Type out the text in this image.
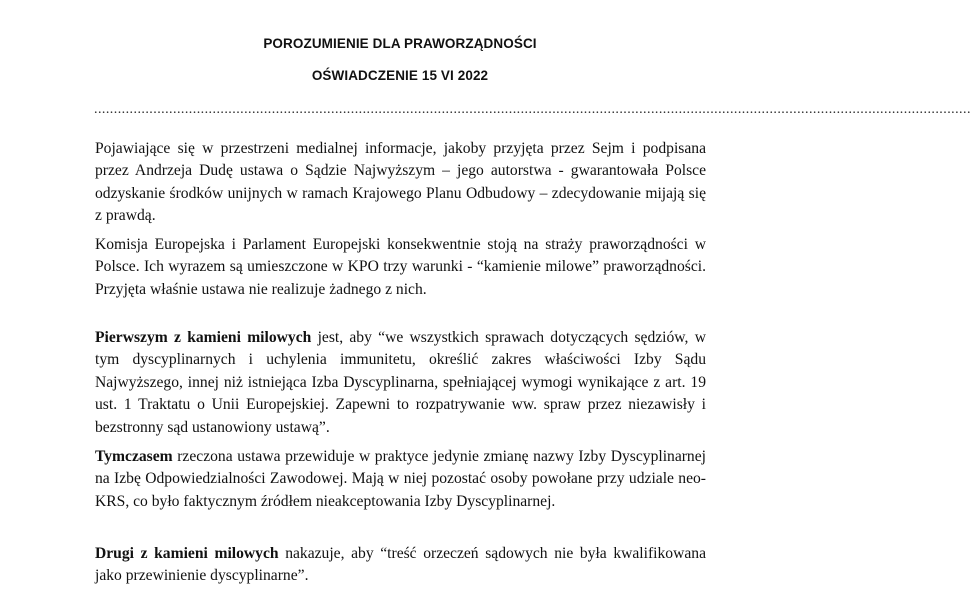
POROZUMIENIE DLA PRAWORZĄDNOŚCI
OŚWIADCZENIE 15 VI 2022
..............................................................................................................................................................................................................................

Pojawiające się w przestrzeni medialnej informacje, jakoby przyjęta przez Sejm i podpisana przez Andrzeja Dudę ustawa o Sądzie Najwyższym – jego autorstwa - gwarantowała Polsce odzyskanie środków unijnych w ramach Krajowego Planu Odbudowy – zdecydowanie mijają się z prawdą.

Komisja Europejska i Parlament Europejski konsekwentnie stoją na straży praworządności w Polsce. Ich wyrazem są umieszczone w KPO trzy warunki - “kamienie milowe” praworządności. Przyjęta właśnie ustawa nie realizuje żadnego z nich.

Pierwszym z kamieni milowych jest, aby “we wszystkich sprawach dotyczących sędziów, w tym dyscyplinarnych i uchylenia immunitetu, określić zakres właściwości Izby Sądu Najwyższego, innej niż istniejąca Izba Dyscyplinarna, spełniającej wymogi wynikające z art. 19 ust. 1 Traktatu o Unii Europejskiej. Zapewni to rozpatrywanie ww. spraw przez niezawisły i bezstronny sąd ustanowiony ustawą”.

Tymczasem rzeczona ustawa przewiduje w praktyce jedynie zmianę nazwy Izby Dyscyplinarnej na Izbę Odpowiedzialności Zawodowej. Mają w niej pozostać osoby powołane przy udziale neo-KRS, co było faktycznym źródłem nieakceptowania Izby Dyscyplinarnej.

Drugi z kamieni milowych nakazuje, aby “treść orzeczeń sądowych nie była kwalifikowana jako przewinienie dyscyplinarne”.
